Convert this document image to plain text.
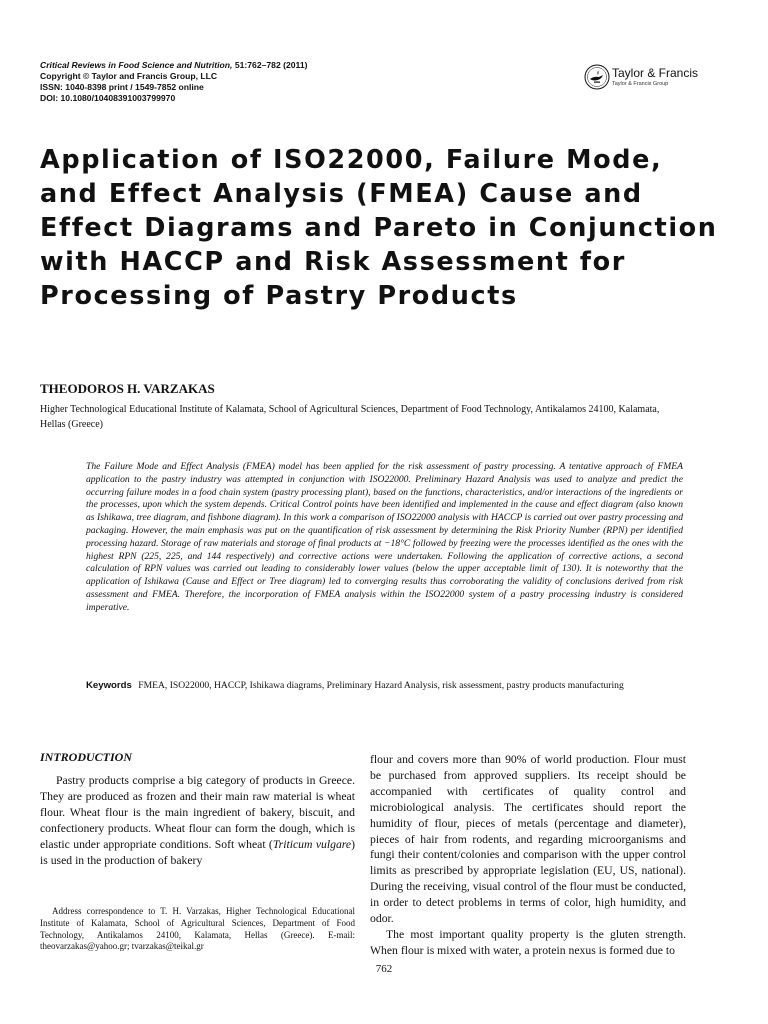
Critical Reviews in Food Science and Nutrition, 51:762–782 (2011)
Copyright © Taylor and Francis Group, LLC
ISSN: 1040-8398 print / 1549-7852 online
DOI: 10.1080/10408391003799970
Taylor & Francis
Taylor & Francis Group
Application of ISO22000, Failure Mode, and Effect Analysis (FMEA) Cause and Effect Diagrams and Pareto in Conjunction with HACCP and Risk Assessment for Processing of Pastry Products
THEODOROS H. VARZAKAS
Higher Technological Educational Institute of Kalamata, School of Agricultural Sciences, Department of Food Technology, Antikalamos 24100, Kalamata, Hellas (Greece)

The Failure Mode and Effect Analysis (FMEA) model has been applied for the risk assessment of pastry processing. A tentative approach of FMEA application to the pastry industry was attempted in conjunction with ISO22000. Preliminary Hazard Analysis was used to analyze and predict the occurring failure modes in a food chain system (pastry processing plant), based on the functions, characteristics, and/or interactions of the ingredients or the processes, upon which the system depends. Critical Control points have been identified and implemented in the cause and effect diagram (also known as Ishikawa, tree diagram, and fishbone diagram). In this work a comparison of ISO22000 analysis with HACCP is carried out over pastry processing and packaging. However, the main emphasis was put on the quantification of risk assessment by determining the Risk Priority Number (RPN) per identified processing hazard. Storage of raw materials and storage of final products at −18°C followed by freezing were the processes identified as the ones with the highest RPN (225, 225, and 144 respectively) and corrective actions were undertaken. Following the application of corrective actions, a second calculation of RPN values was carried out leading to considerably lower values (below the upper acceptable limit of 130). It is noteworthy that the application of Ishikawa (Cause and Effect or Tree diagram) led to converging results thus corroborating the validity of conclusions derived from risk assessment and FMEA. Therefore, the incorporation of FMEA analysis within the ISO22000 system of a pastry processing industry is considered imperative.

Keywords FMEA, ISO22000, HACCP, Ishikawa diagrams, Preliminary Hazard Analysis, risk assessment, pastry products manufacturing
INTRODUCTION

Pastry products comprise a big category of products in Greece. They are produced as frozen and their main raw material is wheat flour. Wheat flour is the main ingredient of bakery, biscuit, and confectionery products. Wheat flour can form the dough, which is elastic under appropriate conditions. Soft wheat (Triticum vulgare) is used in the production of bakery

flour and covers more than 90% of world production. Flour must be purchased from approved suppliers. Its receipt should be accompanied with certificates of quality control and microbiological analysis. The certificates should report the humidity of flour, pieces of metals (percentage and diameter), pieces of hair from rodents, and regarding microorganisms and fungi their content/colonies and comparison with the upper control limits as prescribed by appropriate legislation (EU, US, national). During the receiving, visual control of the flour must be conducted, in order to detect problems in terms of color, high humidity, and odor.

The most important quality property is the gluten strength. When flour is mixed with water, a protein nexus is formed due to

Address correspondence to T. H. Varzakas, Higher Technological Educational Institute of Kalamata, School of Agricultural Sciences, Department of Food Technology, Antikalamos 24100, Kalamata, Hellas (Greece). E-mail: theovarzakas@yahoo.gr; tvarzakas@teikal.gr
762
